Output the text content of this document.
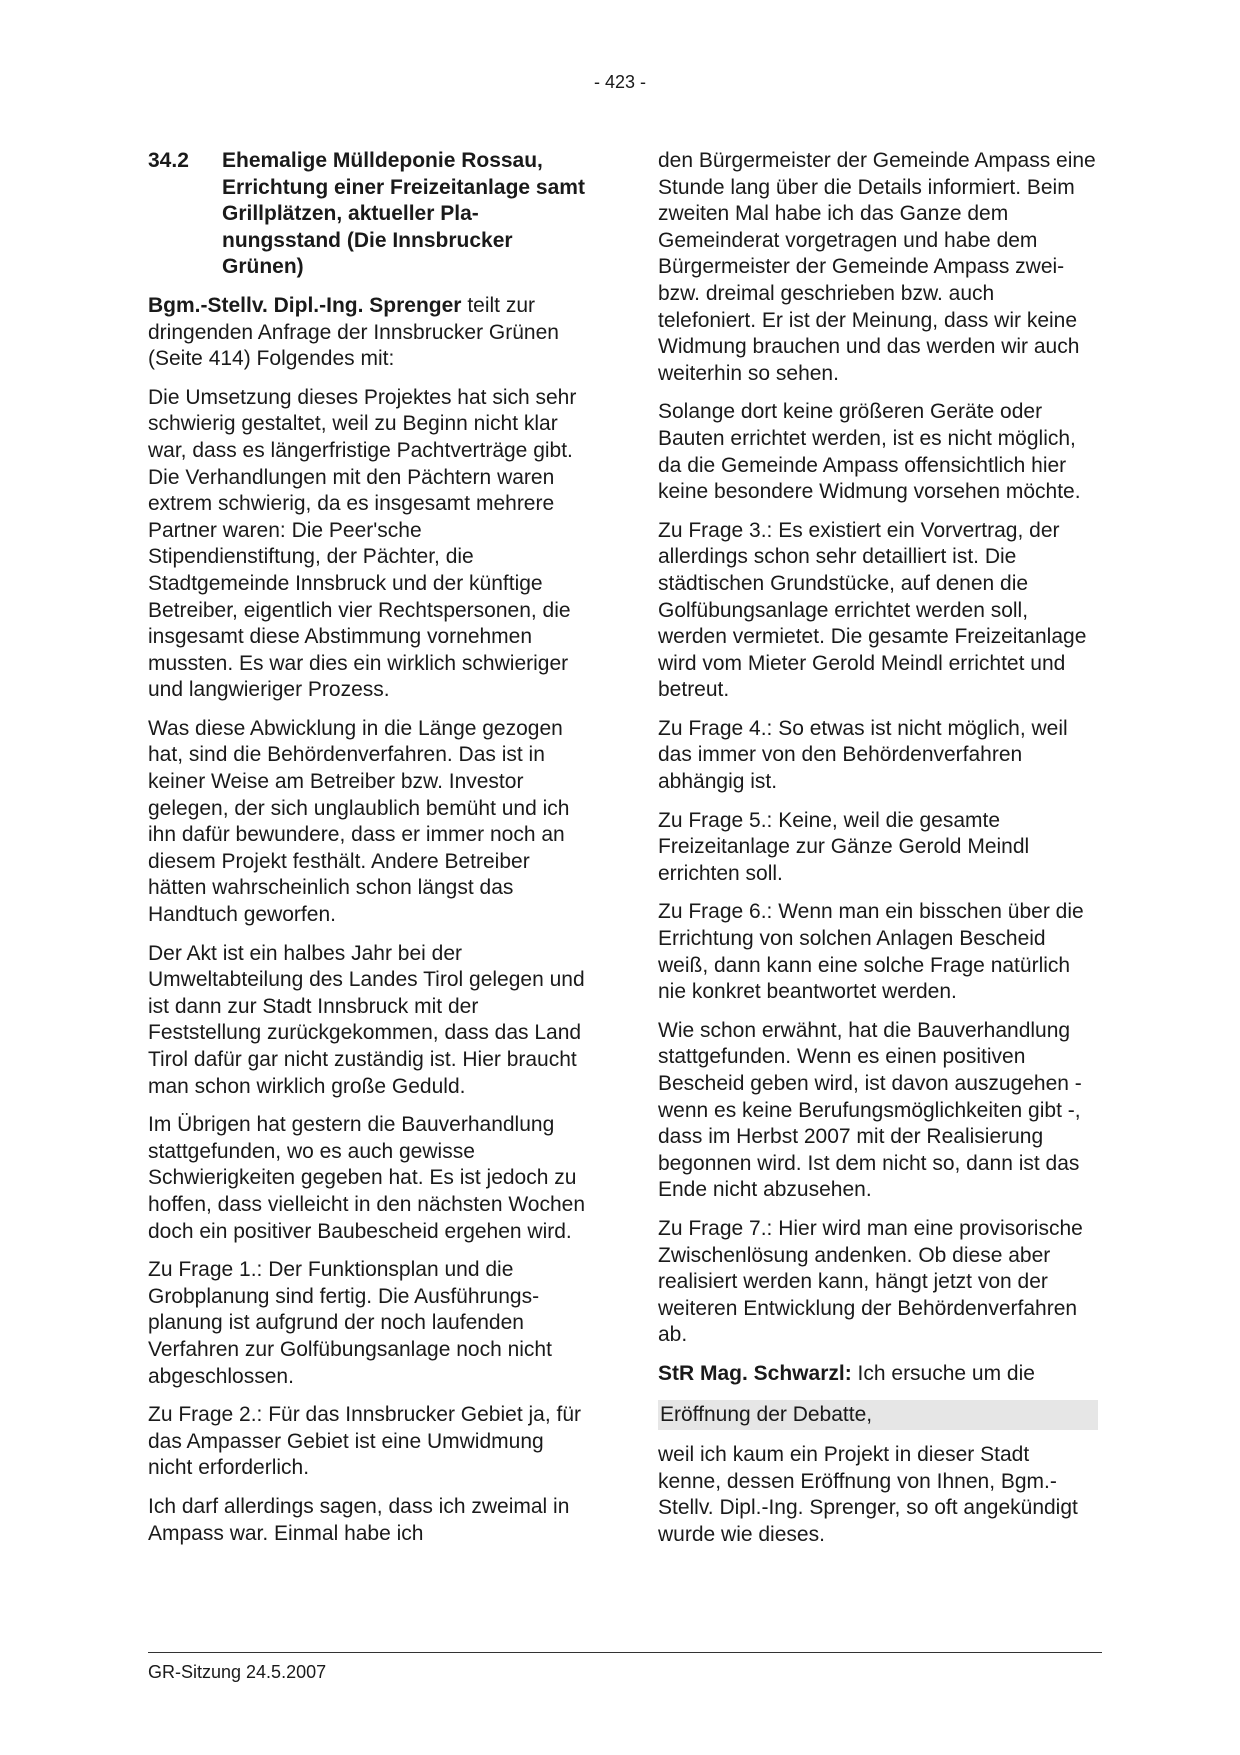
- 423 -
34.2	Ehemalige Mülldeponie Rossau, Errichtung einer Freizeitanlage samt Grillplätzen, aktueller Planungsstand (Die Innsbrucker Grünen)

Bgm.-Stellv. Dipl.-Ing. Sprenger teilt zur dringenden Anfrage der Innsbrucker Grünen (Seite 414) Folgendes mit:

Die Umsetzung dieses Projektes hat sich sehr schwierig gestaltet, weil zu Beginn nicht klar war, dass es längerfristige Pachtverträge gibt. Die Verhandlungen mit den Pächtern waren extrem schwierig, da es insgesamt mehrere Partner waren: Die Peer'sche Stipendienstiftung, der Pächter, die Stadtgemeinde Innsbruck und der künftige Betreiber, eigentlich vier Rechtspersonen, die insgesamt diese Abstimmung vornehmen mussten. Es war dies ein wirklich schwieriger und langwieriger Prozess.

Was diese Abwicklung in die Länge gezogen hat, sind die Behördenverfahren. Das ist in keiner Weise am Betreiber bzw. Investor gelegen, der sich unglaublich bemüht und ich ihn dafür bewundere, dass er immer noch an diesem Projekt festhält. Andere Betreiber hätten wahrscheinlich schon längst das Handtuch geworfen.

Der Akt ist ein halbes Jahr bei der Umweltabteilung des Landes Tirol gelegen und ist dann zur Stadt Innsbruck mit der Feststellung zurückgekommen, dass das Land Tirol dafür gar nicht zuständig ist. Hier braucht man schon wirklich große Geduld.

Im Übrigen hat gestern die Bauverhandlung stattgefunden, wo es auch gewisse Schwierigkeiten gegeben hat. Es ist jedoch zu hoffen, dass vielleicht in den nächsten Wochen doch ein positiver Baubescheid ergehen wird.

Zu Frage 1.: Der Funktionsplan und die Grobplanung sind fertig. Die Ausführungsplanung ist aufgrund der noch laufenden Verfahren zur Golfübungsanlage noch nicht abgeschlossen.

Zu Frage 2.: Für das Innsbrucker Gebiet ja, für das Ampasser Gebiet ist eine Umwidmung nicht erforderlich.

Ich darf allerdings sagen, dass ich zweimal in Ampass war. Einmal habe ich

den Bürgermeister der Gemeinde Ampass eine Stunde lang über die Details informiert. Beim zweiten Mal habe ich das Ganze dem Gemeinderat vorgetragen und habe dem Bürgermeister der Gemeinde Ampass zwei- bzw. dreimal geschrieben bzw. auch telefoniert. Er ist der Meinung, dass wir keine Widmung brauchen und das werden wir auch weiterhin so sehen.

Solange dort keine größeren Geräte oder Bauten errichtet werden, ist es nicht möglich, da die Gemeinde Ampass offensichtlich hier keine besondere Widmung vorsehen möchte.

Zu Frage 3.: Es existiert ein Vorvertrag, der allerdings schon sehr detailliert ist. Die städtischen Grundstücke, auf denen die Golfübungsanlage errichtet werden soll, werden vermietet. Die gesamte Freizeitanlage wird vom Mieter Gerold Meindl errichtet und betreut.

Zu Frage 4.: So etwas ist nicht möglich, weil das immer von den Behördenverfahren abhängig ist.

Zu Frage 5.: Keine, weil die gesamte Freizeitanlage zur Gänze Gerold Meindl errichten soll.

Zu Frage 6.: Wenn man ein bisschen über die Errichtung von solchen Anlagen Bescheid weiß, dann kann eine solche Frage natürlich nie konkret beantwortet werden.

Wie schon erwähnt, hat die Bauverhandlung stattgefunden. Wenn es einen positiven Bescheid geben wird, ist davon auszugehen - wenn es keine Berufungsmöglichkeiten gibt -, dass im Herbst 2007 mit der Realisierung begonnen wird. Ist dem nicht so, dann ist das Ende nicht abzusehen.

Zu Frage 7.: Hier wird man eine provisorische Zwischenlösung andenken. Ob diese aber realisiert werden kann, hängt jetzt von der weiteren Entwicklung der Behördenverfahren ab.

StR Mag. Schwarzl: Ich ersuche um die

Eröffnung der Debatte,

weil ich kaum ein Projekt in dieser Stadt kenne, dessen Eröffnung von Ihnen, Bgm.-Stellv. Dipl.-Ing. Sprenger, so oft angekündigt wurde wie dieses.

GR-Sitzung 24.5.2007
